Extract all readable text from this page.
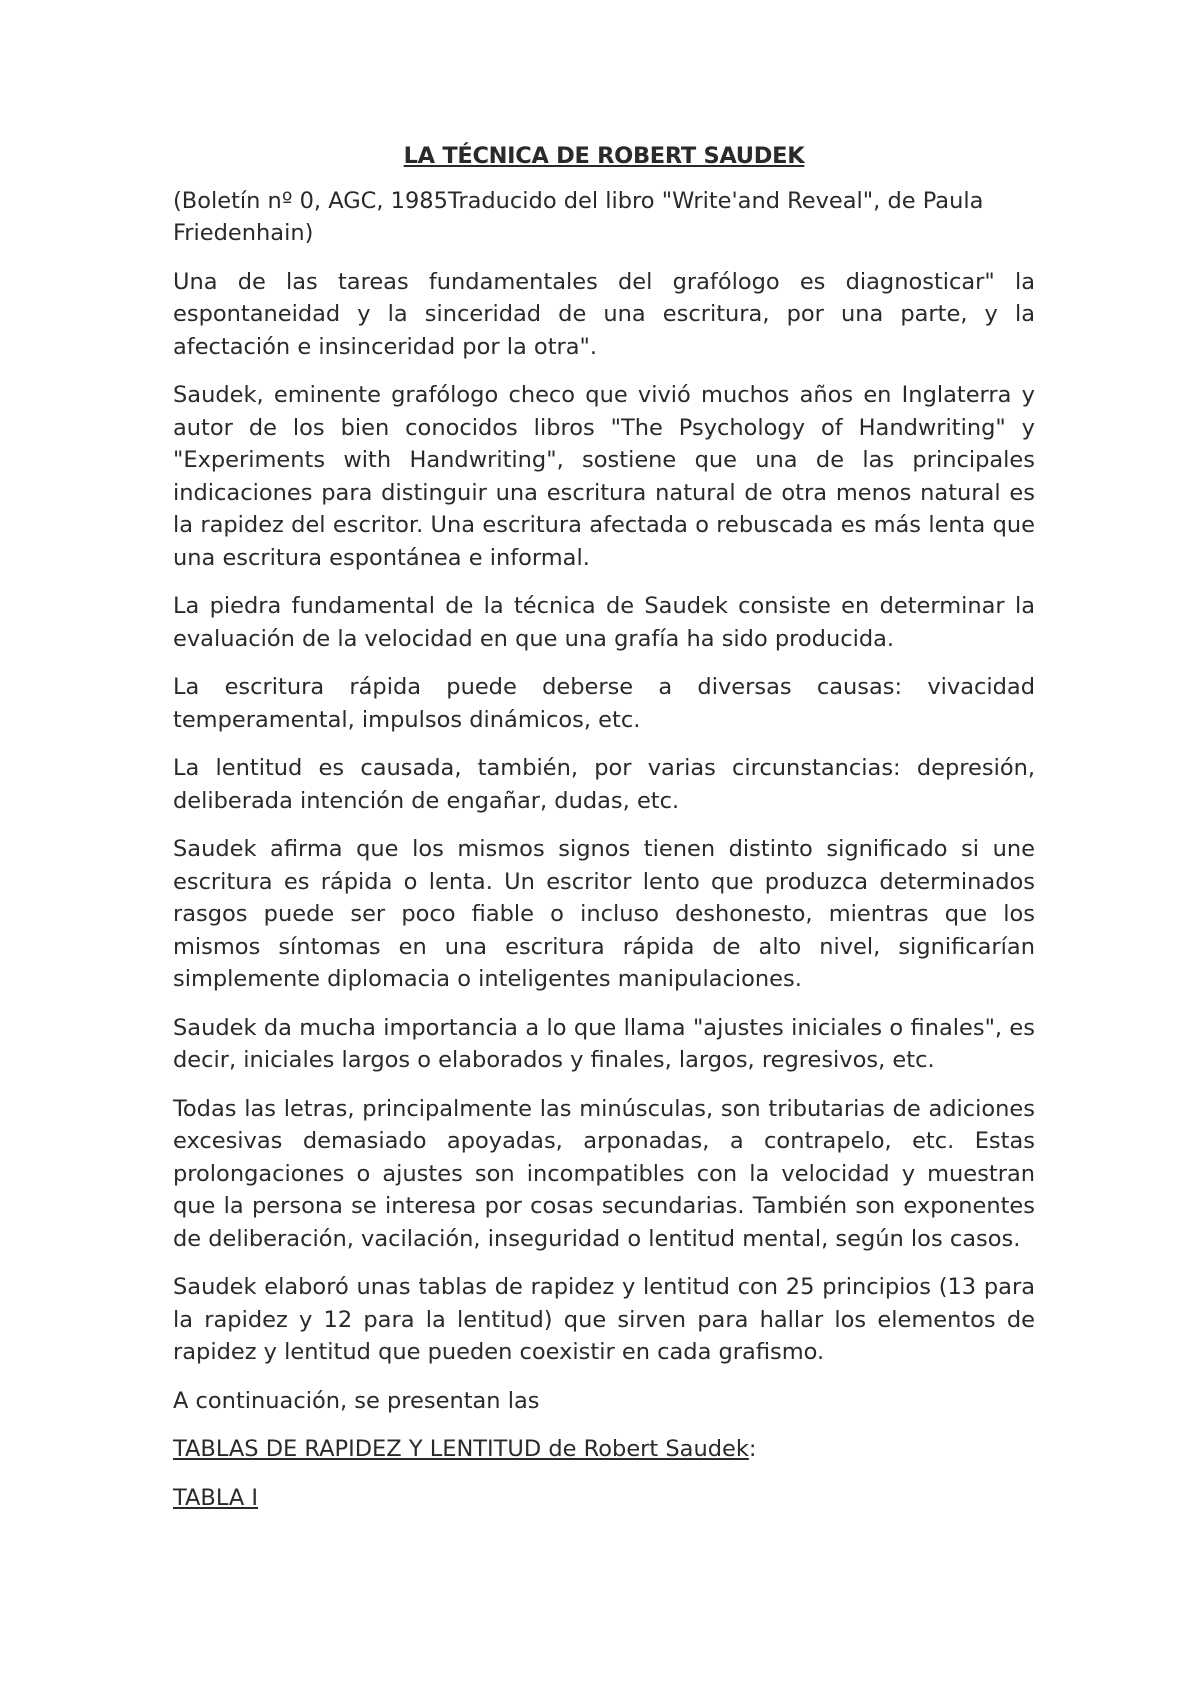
LA TÉCNICA DE ROBERT SAUDEK

(Boletín nº 0, AGC, 1985Traducido del libro "Write'and Reveal", de Paula Friedenhain)

Una de las tareas fundamentales del grafólogo es diagnosticar" la espontaneidad y la sinceridad de una escritura, por una parte, y la afectación e insinceridad por la otra".

Saudek, eminente grafólogo checo que vivió muchos años en Inglaterra y autor de los bien conocidos libros "The Psychology of Handwriting" y "Experiments with Handwriting", sostiene que una de las principales indicaciones para distinguir una escritura natural de otra menos natural es la rapidez del escritor. Una escritura afectada o rebuscada es más lenta que una escritura espontánea e informal.

La piedra fundamental de la técnica de Saudek consiste en determinar la evaluación de la velocidad en que una grafía ha sido producida.

La escritura rápida puede deberse a diversas causas: vivacidad temperamental, impulsos dinámicos, etc.

La lentitud es causada, también, por varias circunstancias: depresión, deliberada intención de engañar, dudas, etc.

Saudek afirma que los mismos signos tienen distinto significado si une escritura es rápida o lenta. Un escritor lento que produzca determinados rasgos puede ser poco fiable o incluso deshonesto, mientras que los mismos síntomas en una escritura rápida de alto nivel, significarían simplemente diplomacia o inteligentes manipulaciones.

Saudek da mucha importancia a lo que llama "ajustes iniciales o finales", es decir, iniciales largos o elaborados y finales, largos, regresivos, etc.

Todas las letras, principalmente las minúsculas, son tributarias de adiciones excesivas demasiado apoyadas, arponadas, a contrapelo, etc. Estas prolongaciones o ajustes son incompatibles con la velocidad y muestran que la persona se interesa por cosas secundarias. También son exponentes de deliberación, vacilación, inseguridad o lentitud mental, según los casos.

Saudek elaboró unas tablas de rapidez y lentitud con 25 principios (13 para la rapidez y 12 para la lentitud) que sirven para hallar los elementos de rapidez y lentitud que pueden coexistir en cada grafismo.

A continuación, se presentan las

TABLAS DE RAPIDEZ Y LENTITUD de Robert Saudek:

TABLA I
